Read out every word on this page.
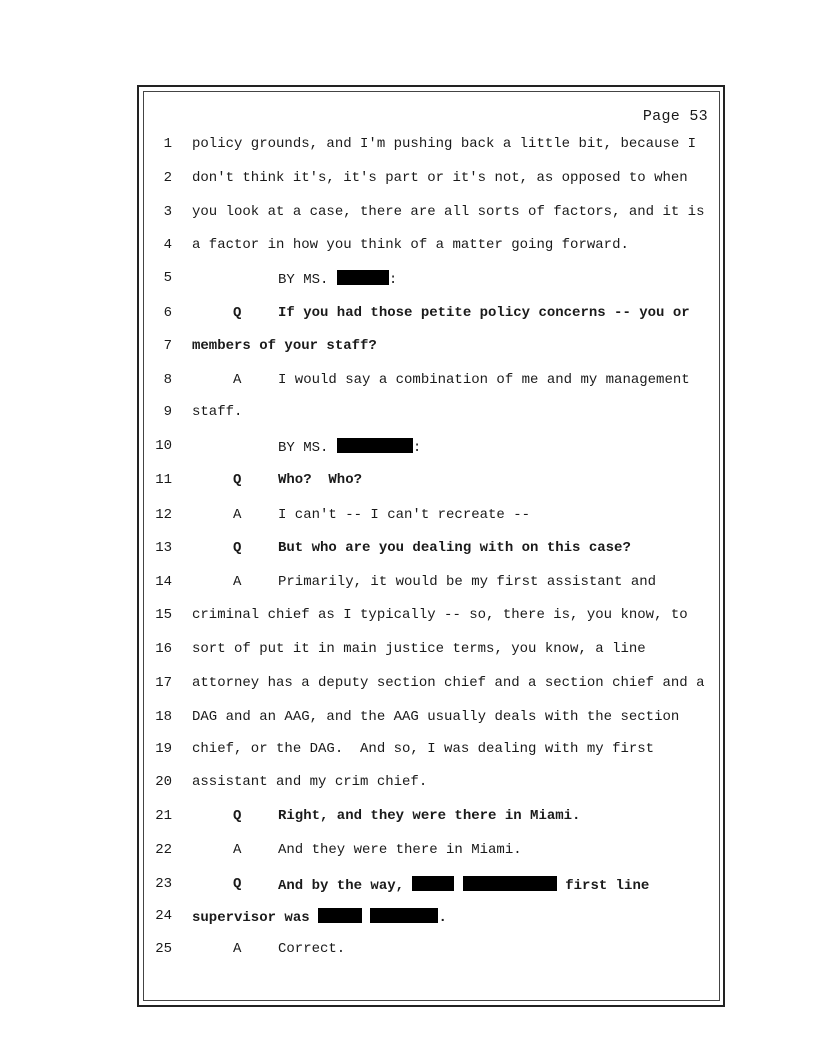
Page 53

1

policy grounds, and I'm pushing back a little bit, because I

2

don't think it's, it's part or it's not, as opposed to when

3

you look at a case, there are all sorts of factors, and it is

4

a factor in how you think of a matter going forward.

5

	BY MS.	:

6

	Q

	If you had those petite policy concerns -- you or

7

members of your staff?

8

	A

	I would say a combination of me and my management

9

staff.

10

	BY MS.	:

11

	Q

	Who?  Who?

12

	A

	I can't -- I can't recreate --

13

	Q

	But who are you dealing with on this case?

14

	A

	Primarily, it would be my first assistant and

15

criminal chief as I typically -- so, there is, you know, to

16

sort of put it in main justice terms, you know, a line

17

attorney has a deputy section chief and a section chief and a

18

DAG and an AAG, and the AAG usually deals with the section

19

chief, or the DAG.  And so, I was dealing with my first

20

assistant and my crim chief.

21

	Q

	Right, and they were there in Miami.

22

	A

	And they were there in Miami.

23

	Q

	And by the way,	first line

24

supervisor was	.

25

	A

	Correct.
